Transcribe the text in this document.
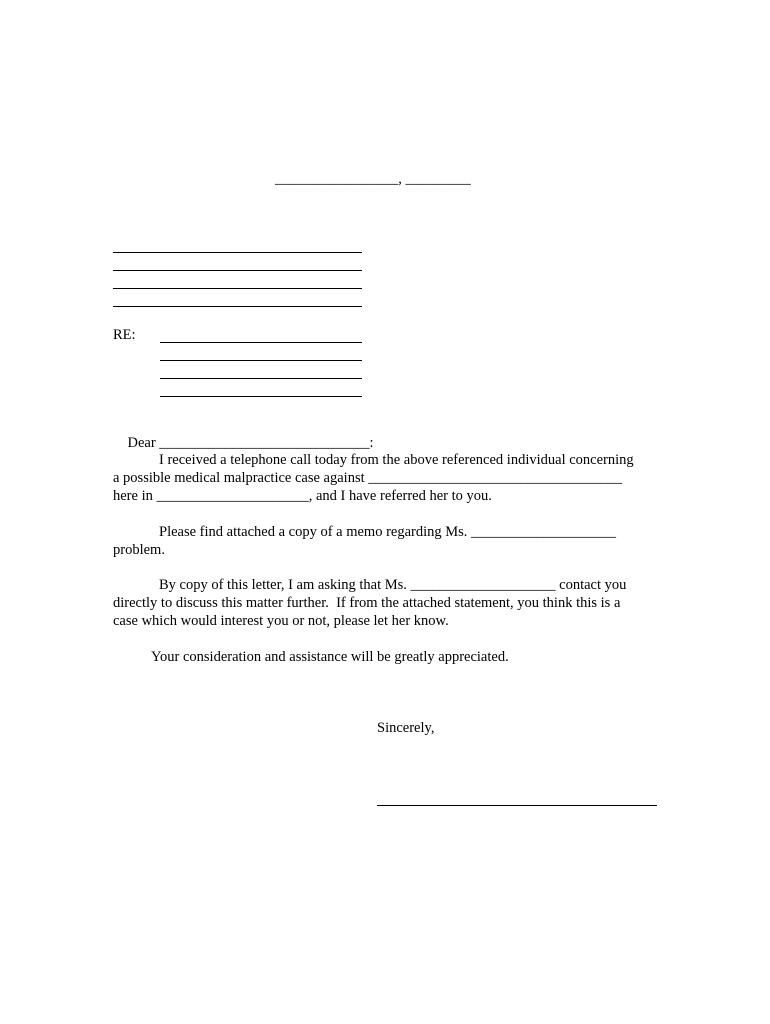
_________________, _________
RE:

Dear _____________________________:

I received a telephone call today from the above referenced individual concerning
a possible medical malpractice case against ___________________________________
here in _____________________, and I have referred her to you.
Please find attached a copy of a memo regarding Ms. ____________________
problem.
By copy of this letter, I am asking that Ms. ____________________ contact you
directly to discuss this matter further.  If from the attached statement, you think this is a
case which would interest you or not, please let her know.
Your consideration and assistance will be greatly appreciated.
Sincerely,
